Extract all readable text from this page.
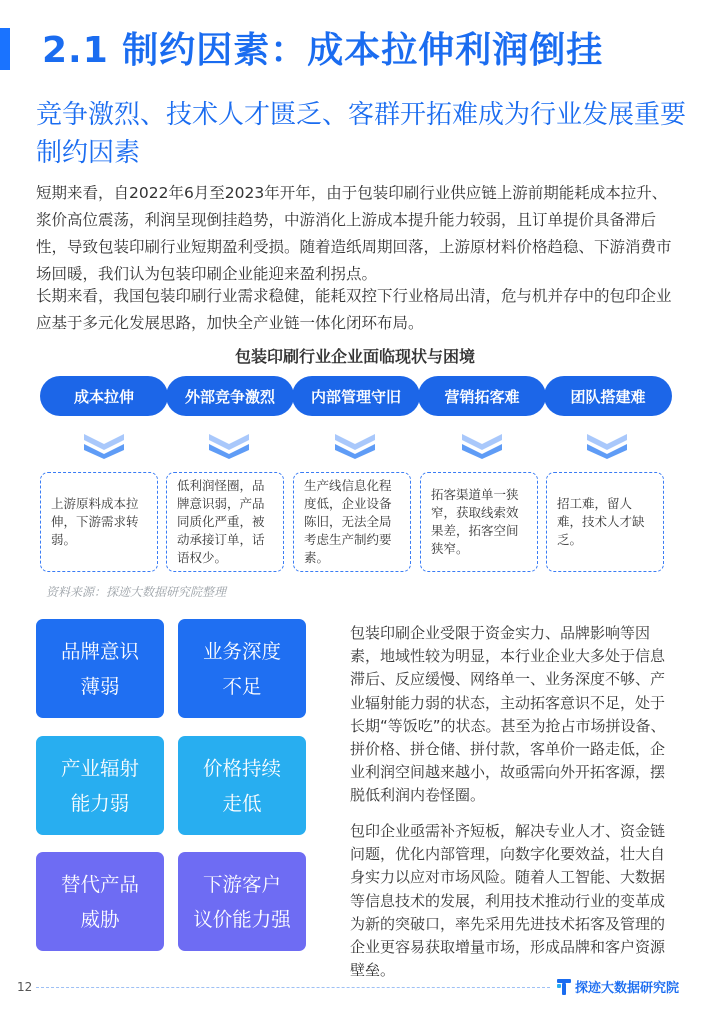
2.1 制约因素：成本拉伸利润倒挂
竞争激烈、技术人才匮乏、客群开拓难成为行业发展重要制约因素
短期来看，自2022年6月至2023年开年，由于包装印刷行业供应链上游前期能耗成本拉升、浆价高位震荡，利润呈现倒挂趋势，中游消化上游成本提升能力较弱，且订单提价具备滞后性，导致包装印刷行业短期盈利受损。随着造纸周期回落，上游原材料价格趋稳、下游消费市场回暖，我们认为包装印刷企业能迎来盈利拐点。
长期来看，我国包装印刷行业需求稳健，能耗双控下行业格局出清，危与机并存中的包印企业应基于多元化发展思路，加快全产业链一体化闭环布局。
包装印刷行业企业面临现状与困境
成本拉伸	外部竞争激烈	内部管理守旧	营销拓客难	团队搭建难
上游原料成本拉伸，下游需求转弱。
低利润怪圈，品牌意识弱，产品同质化严重，被动承接订单，话语权少。
生产线信息化程度低，企业设备陈旧，无法全局考虑生产制约要素。
拓客渠道单一狭窄，获取线索效果差，拓客空间狭窄。
招工难，留人难，技术人才缺乏。
资料来源：探迹大数据研究院整理
品牌意识
薄弱
业务深度
不足
产业辐射
能力弱
价格持续
走低
替代产品
威胁
下游客户
议价能力强
包装印刷企业受限于资金实力、品牌影响等因素，地域性较为明显，本行业企业大多处于信息滞后、反应缓慢、网络单一、业务深度不够、产业辐射能力弱的状态，主动拓客意识不足，处于长期“等饭吃”的状态。甚至为抢占市场拼设备、拼价格、拼仓储、拼付款，客单价一路走低，企业利润空间越来越小，故亟需向外开拓客源，摆脱低利润内卷怪圈。
包印企业亟需补齐短板，解决专业人才、资金链问题，优化内部管理，向数字化要效益，壮大自身实力以应对市场风险。随着人工智能、大数据等信息技术的发展，利用技术推动行业的变革成为新的突破口，率先采用先进技术拓客及管理的企业更容易获取增量市场，形成品牌和客户资源壁垒。
12	探迹大数据研究院
